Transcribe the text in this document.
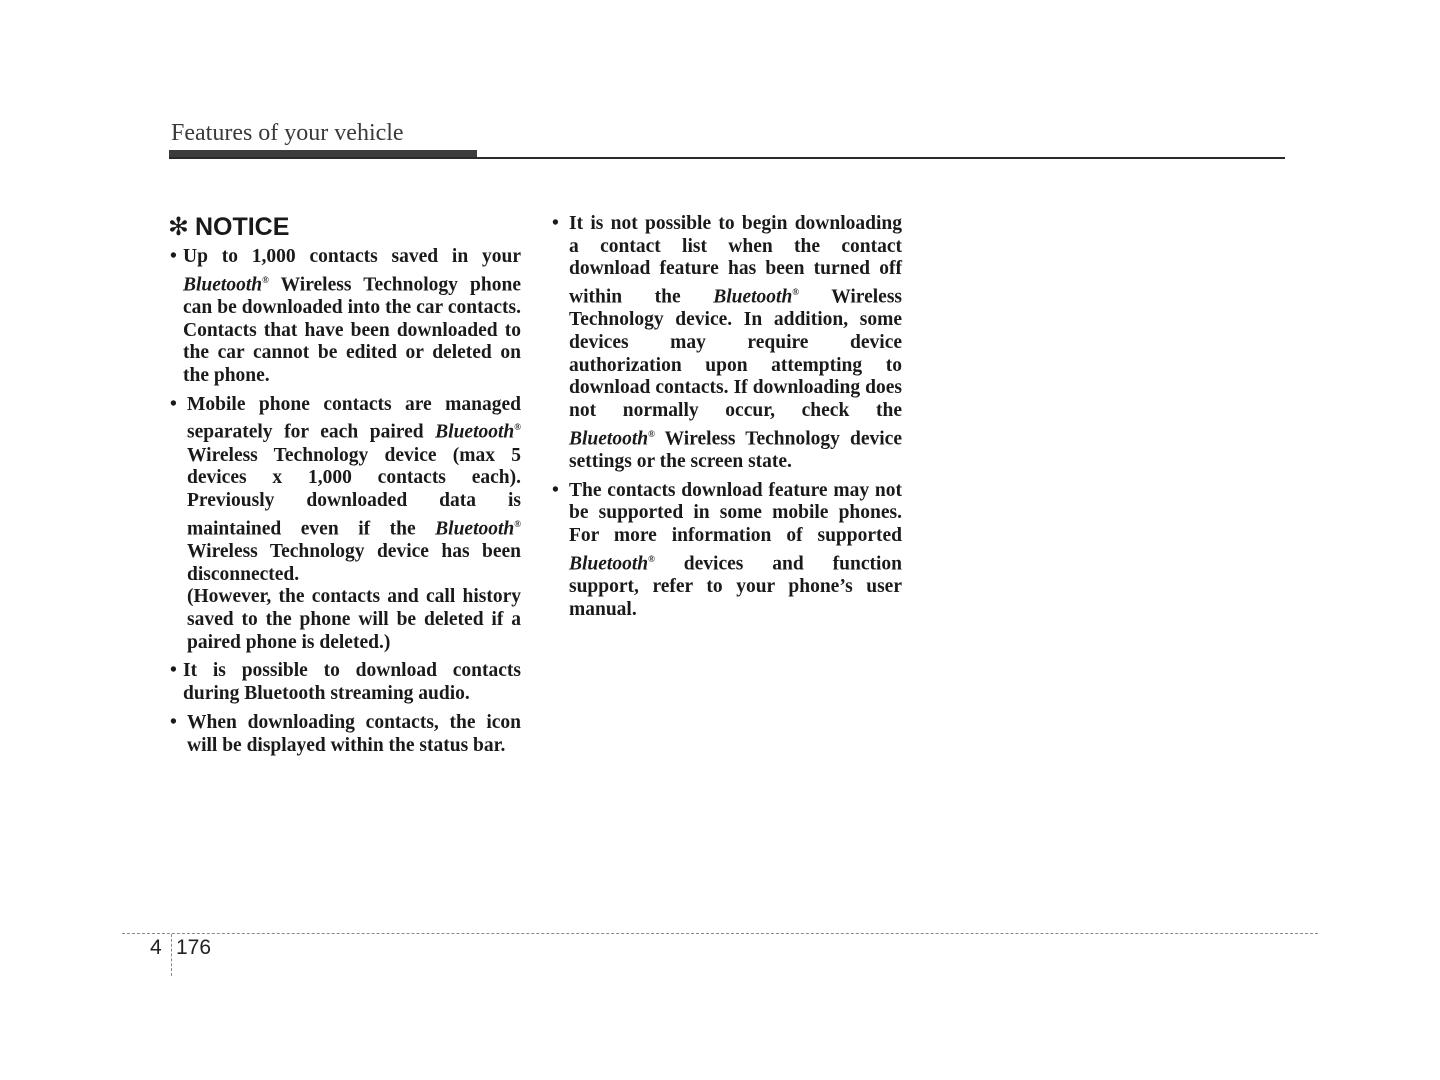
Features of your vehicle
✻ NOTICE

• Up to 1,000 contacts saved in your Bluetooth® Wireless Technology phone can be downloaded into the car contacts. Contacts that have been downloaded to the car cannot be edited or deleted on the phone.

• Mobile phone contacts are managed separately for each paired Bluetooth® Wireless Technology device (max 5 devices x 1,000 contacts each). Previously downloaded data is maintained even if the Bluetooth® Wireless Technology device has been disconnected.
(However, the contacts and call history saved to the phone will be deleted if a paired phone is deleted.)

• It is possible to download contacts during Bluetooth streaming audio.

• When downloading contacts, the icon will be displayed within the status bar.

• It is not possible to begin downloading a contact list when the contact download feature has been turned off within the Bluetooth® Wireless Technology device. In addition, some devices may require device authorization upon attempting to download contacts. If downloading does not normally occur, check the Bluetooth® Wireless Technology device settings or the screen state.

• The contacts download feature may not be supported in some mobile phones. For more information of supported Bluetooth® devices and function support, refer to your phone’s user manual.

4 176
